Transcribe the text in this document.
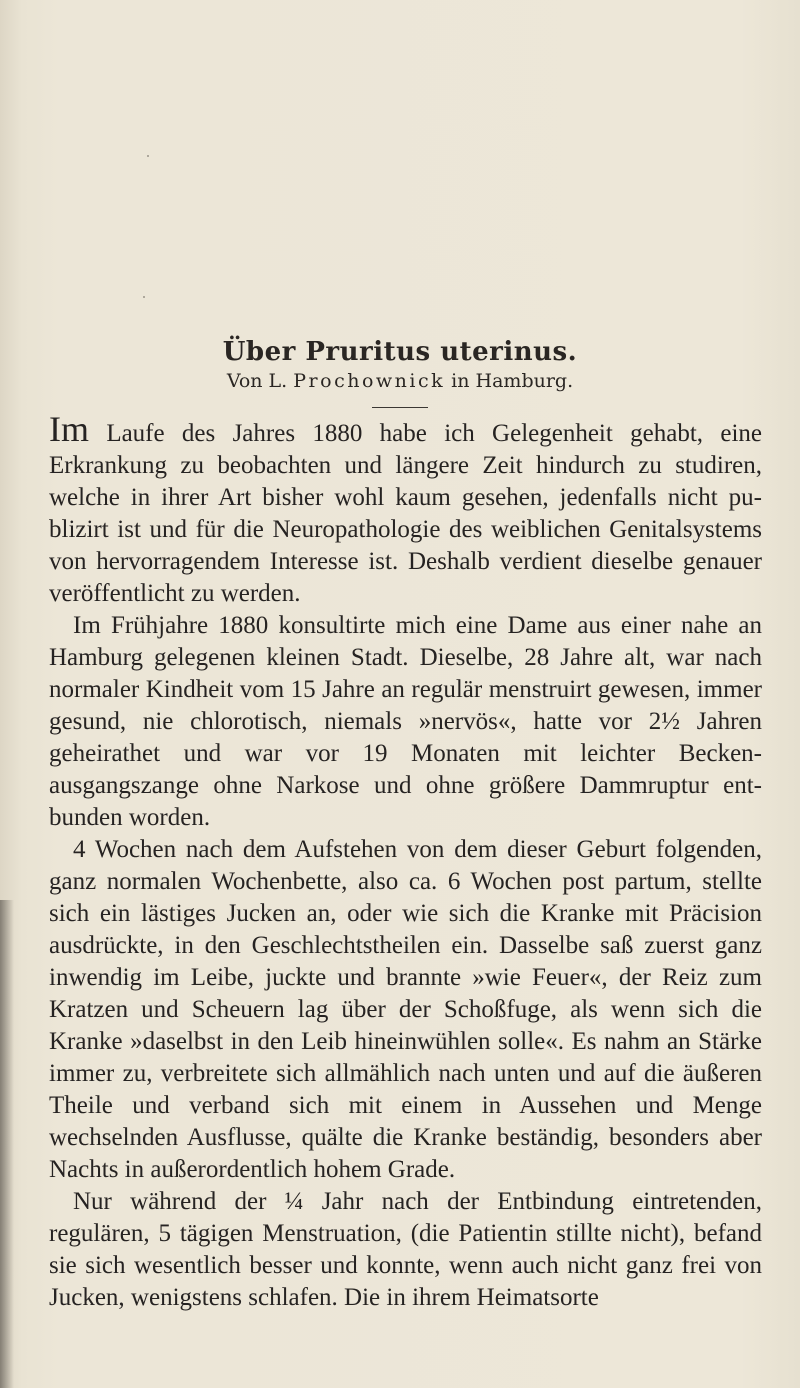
Über Pruritus uterinus.
Von L. Prochownick in Hamburg.

Im Laufe des Jahres 1880 habe ich Gelegenheit gehabt, eine Erkrankung zu beobachten und längere Zeit hindurch zu studiren, welche in ihrer Art bisher wohl kaum gesehen, jedenfalls nicht publizirt ist und für die Neuropathologie des weiblichen Genitalsystems von hervorragendem Interesse ist. Deshalb verdient dieselbe genauer veröffentlicht zu werden.

Im Frühjahre 1880 konsultirte mich eine Dame aus einer nahe an Hamburg gelegenen kleinen Stadt. Dieselbe, 28 Jahre alt, war nach normaler Kindheit vom 15 Jahre an regulär menstruirt gewesen, immer gesund, nie chlorotisch, niemals »nervös«, hatte vor 2½ Jahren geheirathet und war vor 19 Monaten mit leichter Beckenausgangszange ohne Narkose und ohne größere Dammruptur entbunden worden.

4 Wochen nach dem Aufstehen von dem dieser Geburt folgenden, ganz normalen Wochenbette, also ca. 6 Wochen post partum, stellte sich ein lästiges Jucken an, oder wie sich die Kranke mit Präcision ausdrückte, in den Geschlechtstheilen ein. Dasselbe saß zuerst ganz inwendig im Leibe, juckte und brannte »wie Feuer«, der Reiz zum Kratzen und Scheuern lag über der Schoßfuge, als wenn sich die Kranke »daselbst in den Leib hineinwühlen solle«. Es nahm an Stärke immer zu, verbreitete sich allmählich nach unten und auf die äußeren Theile und verband sich mit einem in Aussehen und Menge wechselnden Ausflusse, quälte die Kranke beständig, besonders aber Nachts in außerordentlich hohem Grade.

Nur während der ¼ Jahr nach der Entbindung eintretenden, regulären, 5 tägigen Menstruation, (die Patientin stillte nicht), befand sie sich wesentlich besser und konnte, wenn auch nicht ganz frei von Jucken, wenigstens schlafen. Die in ihrem Heimatsorte
